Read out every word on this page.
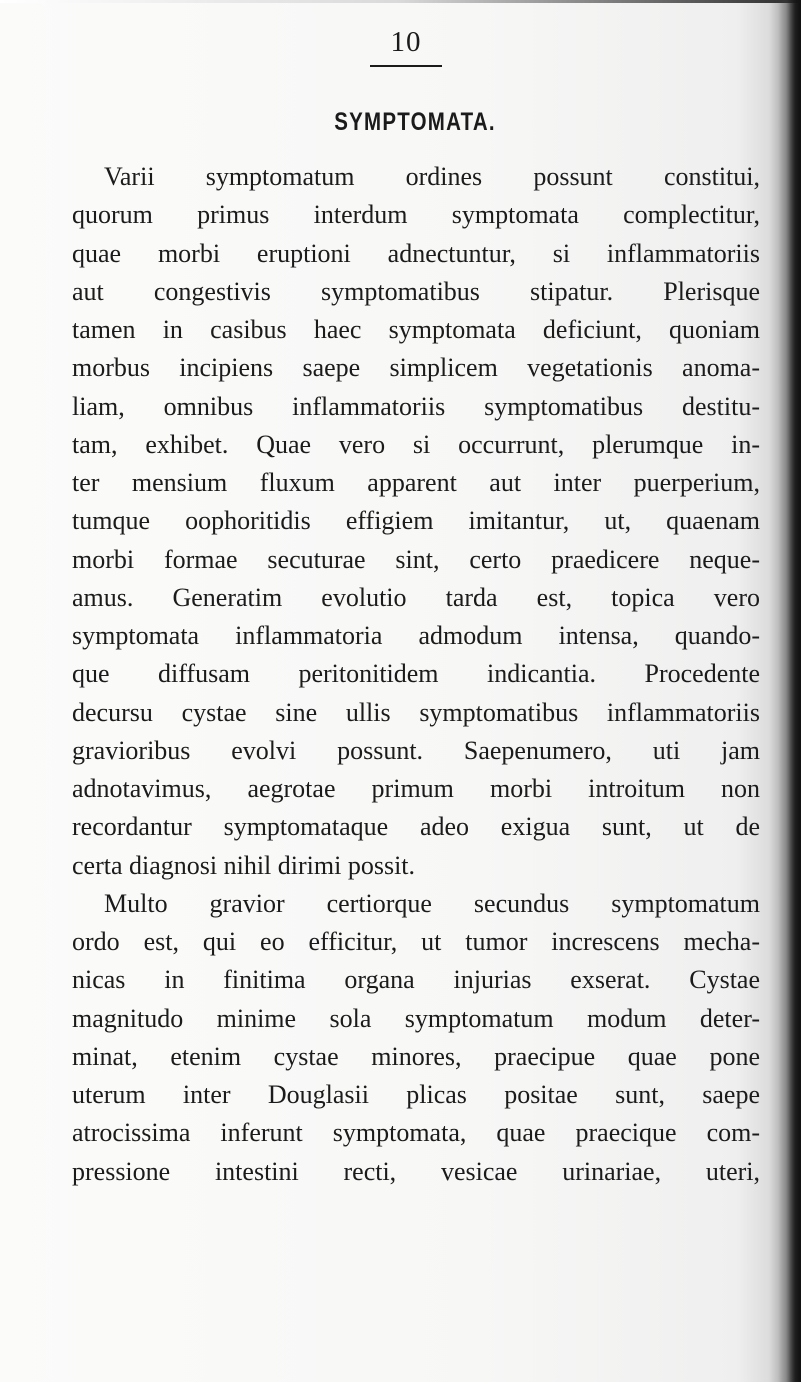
10
SYMPTOMATA.
Varii symptomatum ordines possunt constitui,
quorum primus interdum symptomata complectitur,
quae morbi eruptioni adnectuntur, si inflammatoriis
aut congestivis symptomatibus stipatur. Plerisque
tamen in casibus haec symptomata deficiunt, quoniam
morbus incipiens saepe simplicem vegetationis anoma-
liam, omnibus inflammatoriis symptomatibus destitu-
tam, exhibet. Quae vero si occurrunt, plerumque in-
ter mensium fluxum apparent aut inter puerperium,
tumque oophoritidis effigiem imitantur, ut, quaenam
morbi formae secuturae sint, certo praedicere neque-
amus. Generatim evolutio tarda est, topica vero
symptomata inflammatoria admodum intensa, quando-
que diffusam peritonitidem indicantia. Procedente
decursu cystae sine ullis symptomatibus inflammatoriis
gravioribus evolvi possunt. Saepenumero, uti jam
adnotavimus, aegrotae primum morbi introitum non
recordantur symptomataque adeo exigua sunt, ut de
certa diagnosi nihil dirimi possit.
Multo gravior certiorque secundus symptomatum
ordo est, qui eo efficitur, ut tumor increscens mecha-
nicas in finitima organa injurias exserat. Cystae
magnitudo minime sola symptomatum modum deter-
minat, etenim cystae minores, praecipue quae pone
uterum inter Douglasii plicas positae sunt, saepe
atrocissima inferunt symptomata, quae praecique com-
pressione intestini recti, vesicae urinariae, uteri,
